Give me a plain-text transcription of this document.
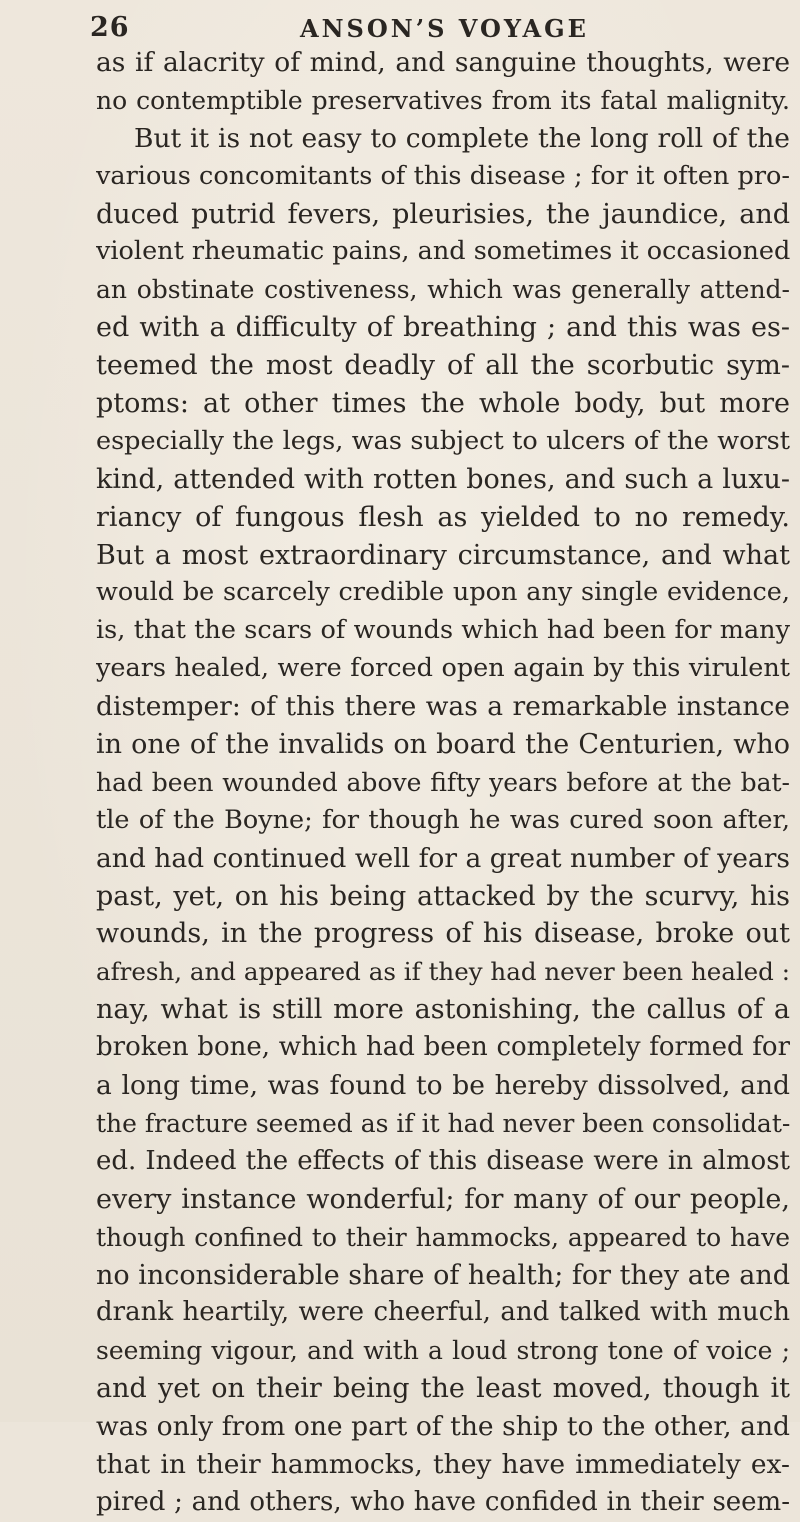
26	ANSON’S VOYAGE
as if alacrity of mind, and sanguine thoughts, were
no contemptible preservatives from its fatal malignity.
But it is not easy to complete the long roll of the
various concomitants of this disease ; for it often pro-
duced putrid fevers, pleurisies, the jaundice, and
violent rheumatic pains, and sometimes it occasioned
an obstinate costiveness, which was generally attend-
ed with a difficulty of breathing ; and this was es-
teemed the most deadly of all the scorbutic sym-
ptoms: at other times the whole body, but more
especially the legs, was subject to ulcers of the worst
kind, attended with rotten bones, and such a luxu-
riancy of fungous flesh as yielded to no remedy.
But a most extraordinary circumstance, and what
would be scarcely credible upon any single evidence,
is, that the scars of wounds which had been for many
years healed, were forced open again by this virulent
distemper: of this there was a remarkable instance
in one of the invalids on board the Centurien, who
had been wounded above fifty years before at the bat-
tle of the Boyne; for though he was cured soon after,
and had continued well for a great number of years
past, yet, on his being attacked by the scurvy, his
wounds, in the progress of his disease, broke out
afresh, and appeared as if they had never been healed :
nay, what is still more astonishing, the callus of a
broken bone, which had been completely formed for
a long time, was found to be hereby dissolved, and
the fracture seemed as if it had never been consolidat-
ed. Indeed the effects of this disease were in almost
every instance wonderful; for many of our people,
though confined to their hammocks, appeared to have
no inconsiderable share of health; for they ate and
drank heartily, were cheerful, and talked with much
seeming vigour, and with a loud strong tone of voice ;
and yet on their being the least moved, though it
was only from one part of the ship to the other, and
that in their hammocks, they have immediately ex-
pired ; and others, who have confided in their seem-
